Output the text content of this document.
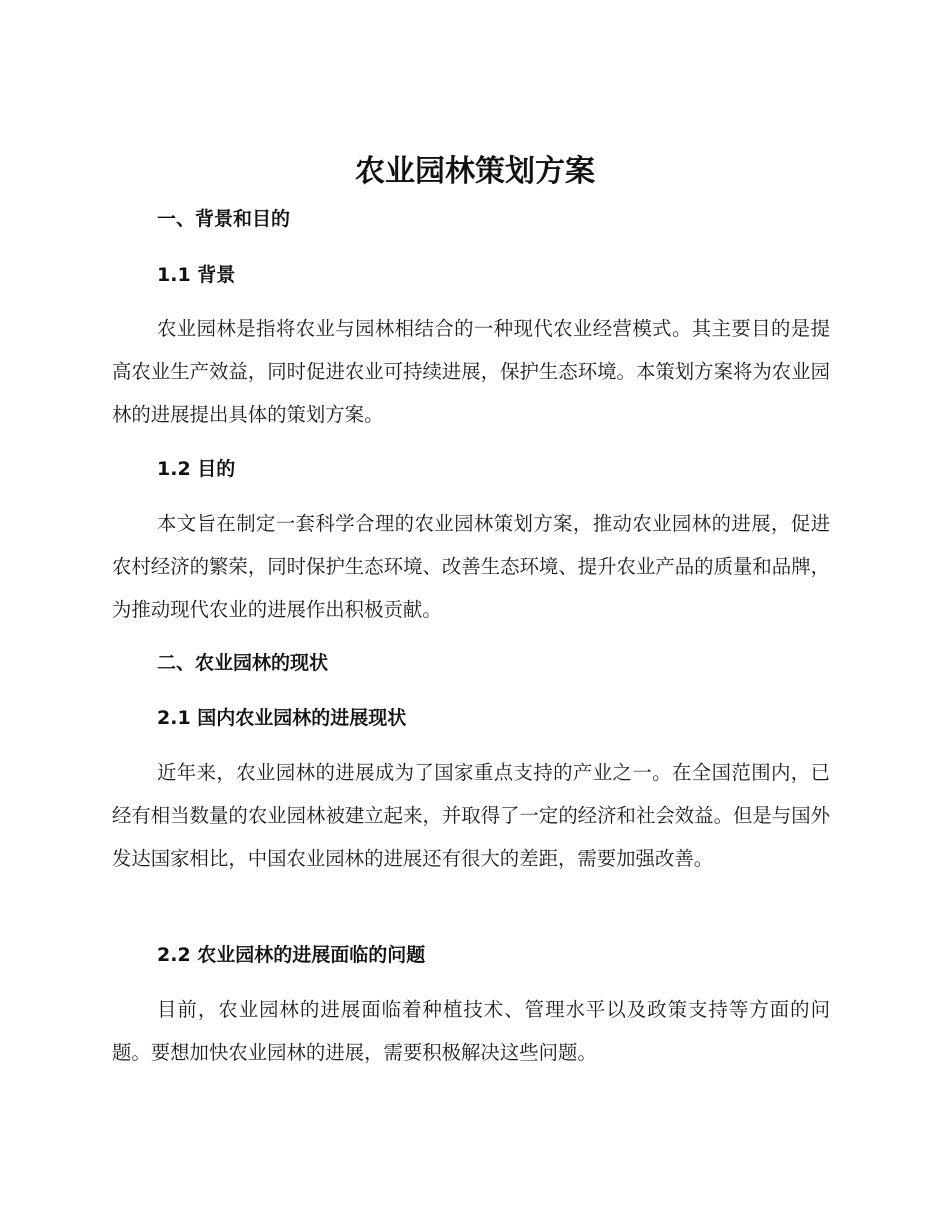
农业园林策划方案
一、背景和目的
1.1 背景

农业园林是指将农业与园林相结合的一种现代农业经营模式。其主要目的是提高农业生产效益，同时促进农业可持续进展，保护生态环境。本策划方案将为农业园林的进展提出具体的策划方案。

1.2 目的

本文旨在制定一套科学合理的农业园林策划方案，推动农业园林的进展，促进农村经济的繁荣，同时保护生态环境、改善生态环境、提升农业产品的质量和品牌，为推动现代农业的进展作出积极贡献。

二、农业园林的现状
2.1 国内农业园林的进展现状

近年来，农业园林的进展成为了国家重点支持的产业之一。在全国范围内，已经有相当数量的农业园林被建立起来，并取得了一定的经济和社会效益。但是与国外发达国家相比，中国农业园林的进展还有很大的差距，需要加强改善。

2.2 农业园林的进展面临的问题

目前，农业园林的进展面临着种植技术、管理水平以及政策支持等方面的问题。要想加快农业园林的进展，需要积极解决这些问题。
